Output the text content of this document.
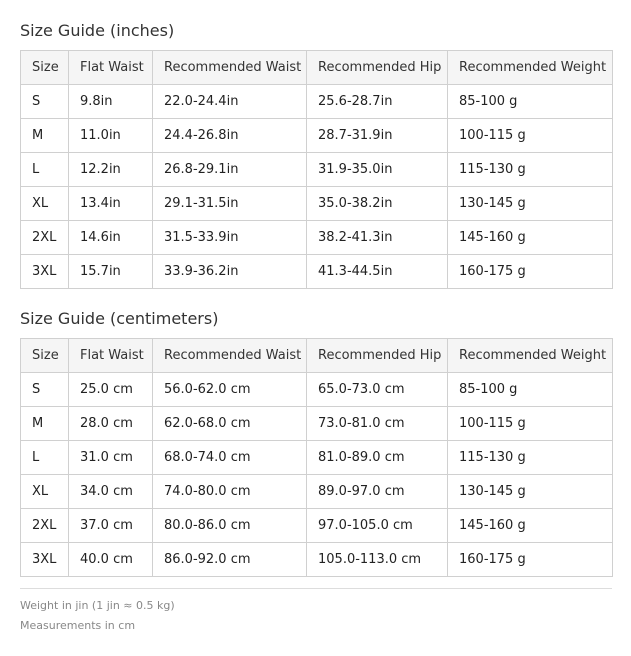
Size Guide (inches)
Size	Flat Waist	Recommended Waist	Recommended Hip	Recommended Weight
S	9.8in	22.0-24.4in	25.6-28.7in	85-100 g
M	11.0in	24.4-26.8in	28.7-31.9in	100-115 g
L	12.2in	26.8-29.1in	31.9-35.0in	115-130 g
XL	13.4in	29.1-31.5in	35.0-38.2in	130-145 g
2XL	14.6in	31.5-33.9in	38.2-41.3in	145-160 g
3XL	15.7in	33.9-36.2in	41.3-44.5in	160-175 g
Size Guide (centimeters)
Size	Flat Waist	Recommended Waist	Recommended Hip	Recommended Weight
S	25.0 cm	56.0-62.0 cm	65.0-73.0 cm	85-100 g
M	28.0 cm	62.0-68.0 cm	73.0-81.0 cm	100-115 g
L	31.0 cm	68.0-74.0 cm	81.0-89.0 cm	115-130 g
XL	34.0 cm	74.0-80.0 cm	89.0-97.0 cm	130-145 g
2XL	37.0 cm	80.0-86.0 cm	97.0-105.0 cm	145-160 g
3XL	40.0 cm	86.0-92.0 cm	105.0-113.0 cm	160-175 g
Weight in jin (1 jin ≈ 0.5 kg)
Measurements in cm
